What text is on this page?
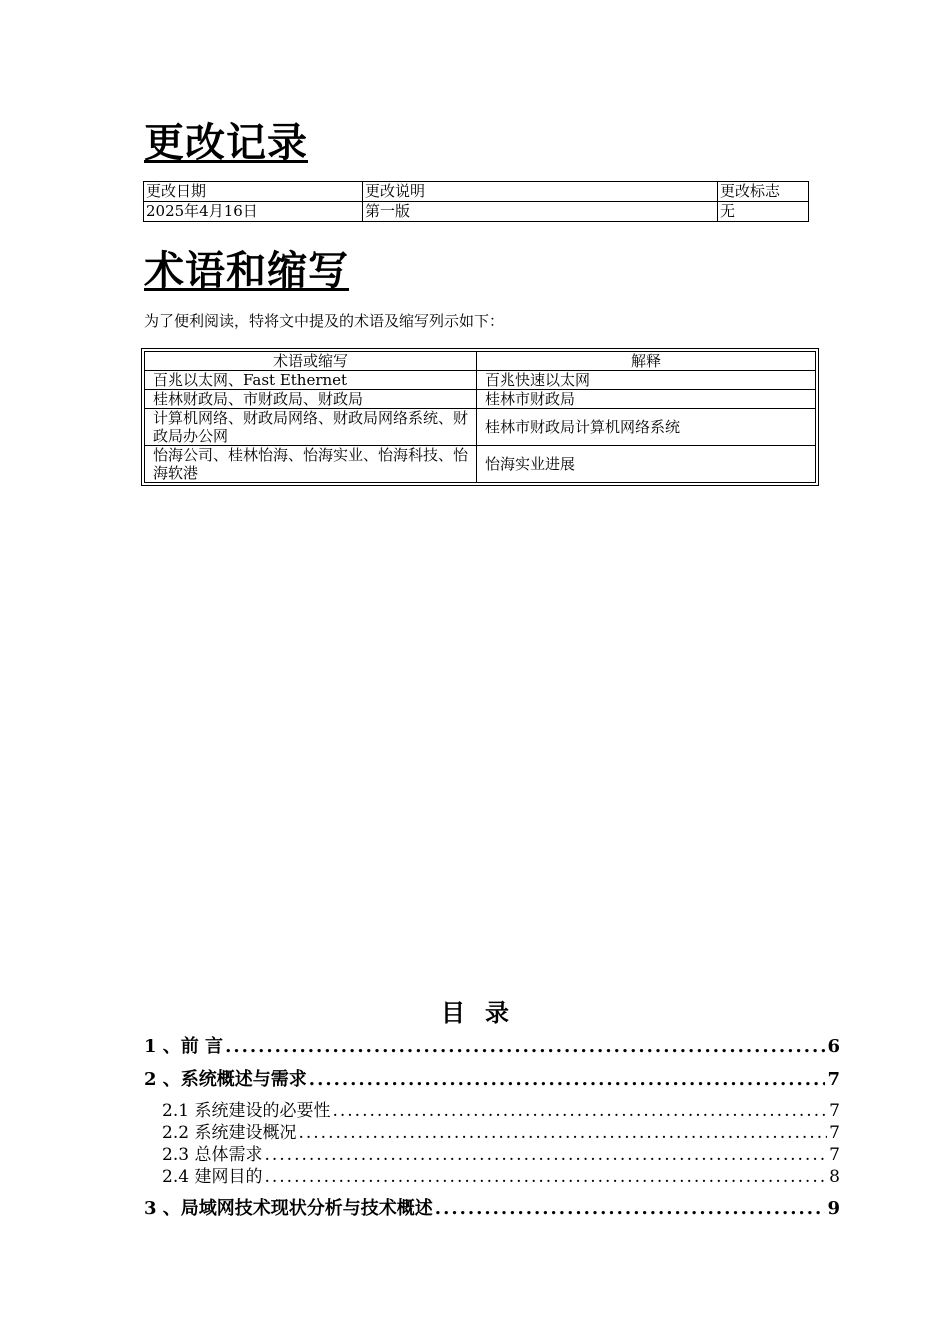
更改记录
更改日期	更改说明	更改标志
2025年4月16日	第一版	无
术语和缩写

为了便利阅读，特将文中提及的术语及缩写列示如下：

术语或缩写	解释
百兆以太网、Fast Ethernet	百兆快速以太网
桂林财政局、市财政局、财政局	桂林市财政局
计算机网络、财政局网络、财政局网络系统、财政局办公网	桂林市财政局计算机网络系统
怡海公司、桂林怡海、怡海实业、怡海科技、怡海软港	怡海实业进展
目录
1 、前 言 .....	6
2 、系统概述与需求 .....	7
2.1 系统建设的必要性 .....	7
2.2 系统建设概况 .....	7
2.3 总体需求 .....	7
2.4 建网目的 .....	8
3 、局域网技术现状分析与技术概述 .....	9
